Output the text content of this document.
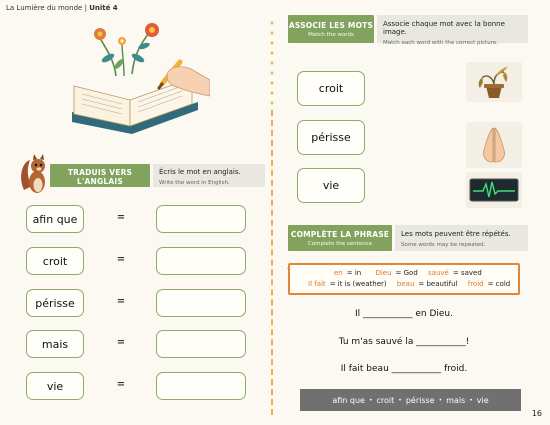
La Lumière du monde | Unité 4
TRADUIS VERS L'ANGLAIS
Translate to English
Écris le mot en anglais.
Write the word in English.
afin que	=
croit	=
périsse	=
mais	=
vie	=
ASSOCIE LES MOTS
Match the words
Associe chaque mot avec la bonne image.
Match each word with the correct picture.
croit
périsse
vie
COMPLÈTE LA PHRASE
Complete the sentence
Les mots peuvent être répétés.
Some words may be repeated.
en = in Dieu = God sauvé = saved
Il fait = it is (weather) beau = beautiful froid = cold
Il ___________ en Dieu.
Tu m'as sauvé la ___________!
Il fait beau ___________ froid.
afin que • croit • périsse • mais • vie
16
